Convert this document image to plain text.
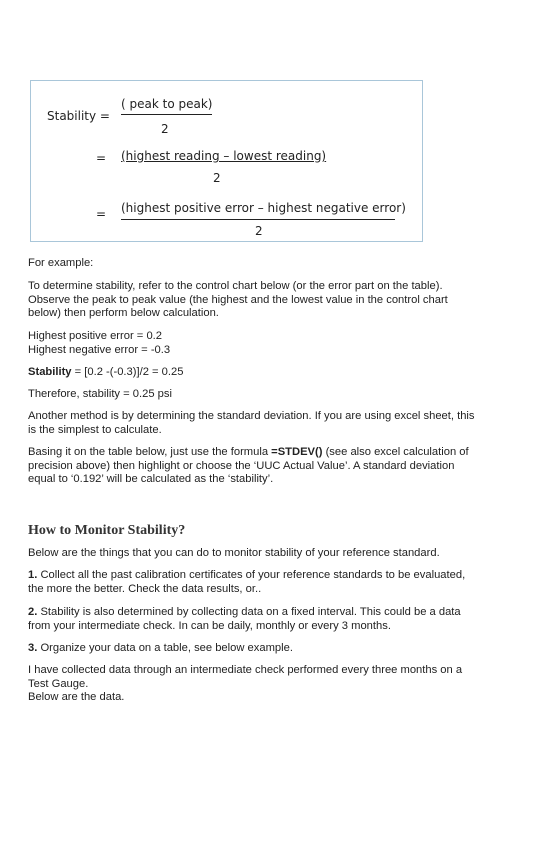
Stability =
( peak to peak)
2
= (highest reading – lowest reading)
2
= (highest positive error – highest negative error)
2

For example:

To determine stability, refer to the control chart below (or the error part on the table).
Observe the peak to peak value (the highest and the lowest value in the control chart
below) then perform below calculation.

Highest positive error = 0.2
Highest negative error = -0.3

Stability = [0.2 -(-0.3)]/2 = 0.25

Therefore, stability = 0.25 psi

Another method is by determining the standard deviation. If you are using excel sheet, this
is the simplest to calculate.

Basing it on the table below, just use the formula =STDEV() (see also excel calculation of
precision above) then highlight or choose the ‘UUC Actual Value’. A standard deviation
equal to ‘0.192’ will be calculated as the ‘stability’.

How to Monitor Stability?

Below are the things that you can do to monitor stability of your reference standard.

1. Collect all the past calibration certificates of your reference standards to be evaluated,
the more the better. Check the data results, or..

2. Stability is also determined by collecting data on a fixed interval. This could be a data
from your intermediate check. In can be daily, monthly or every 3 months.

3. Organize your data on a table, see below example.

I have collected data through an intermediate check performed every three months on a
Test Gauge.
Below are the data.
